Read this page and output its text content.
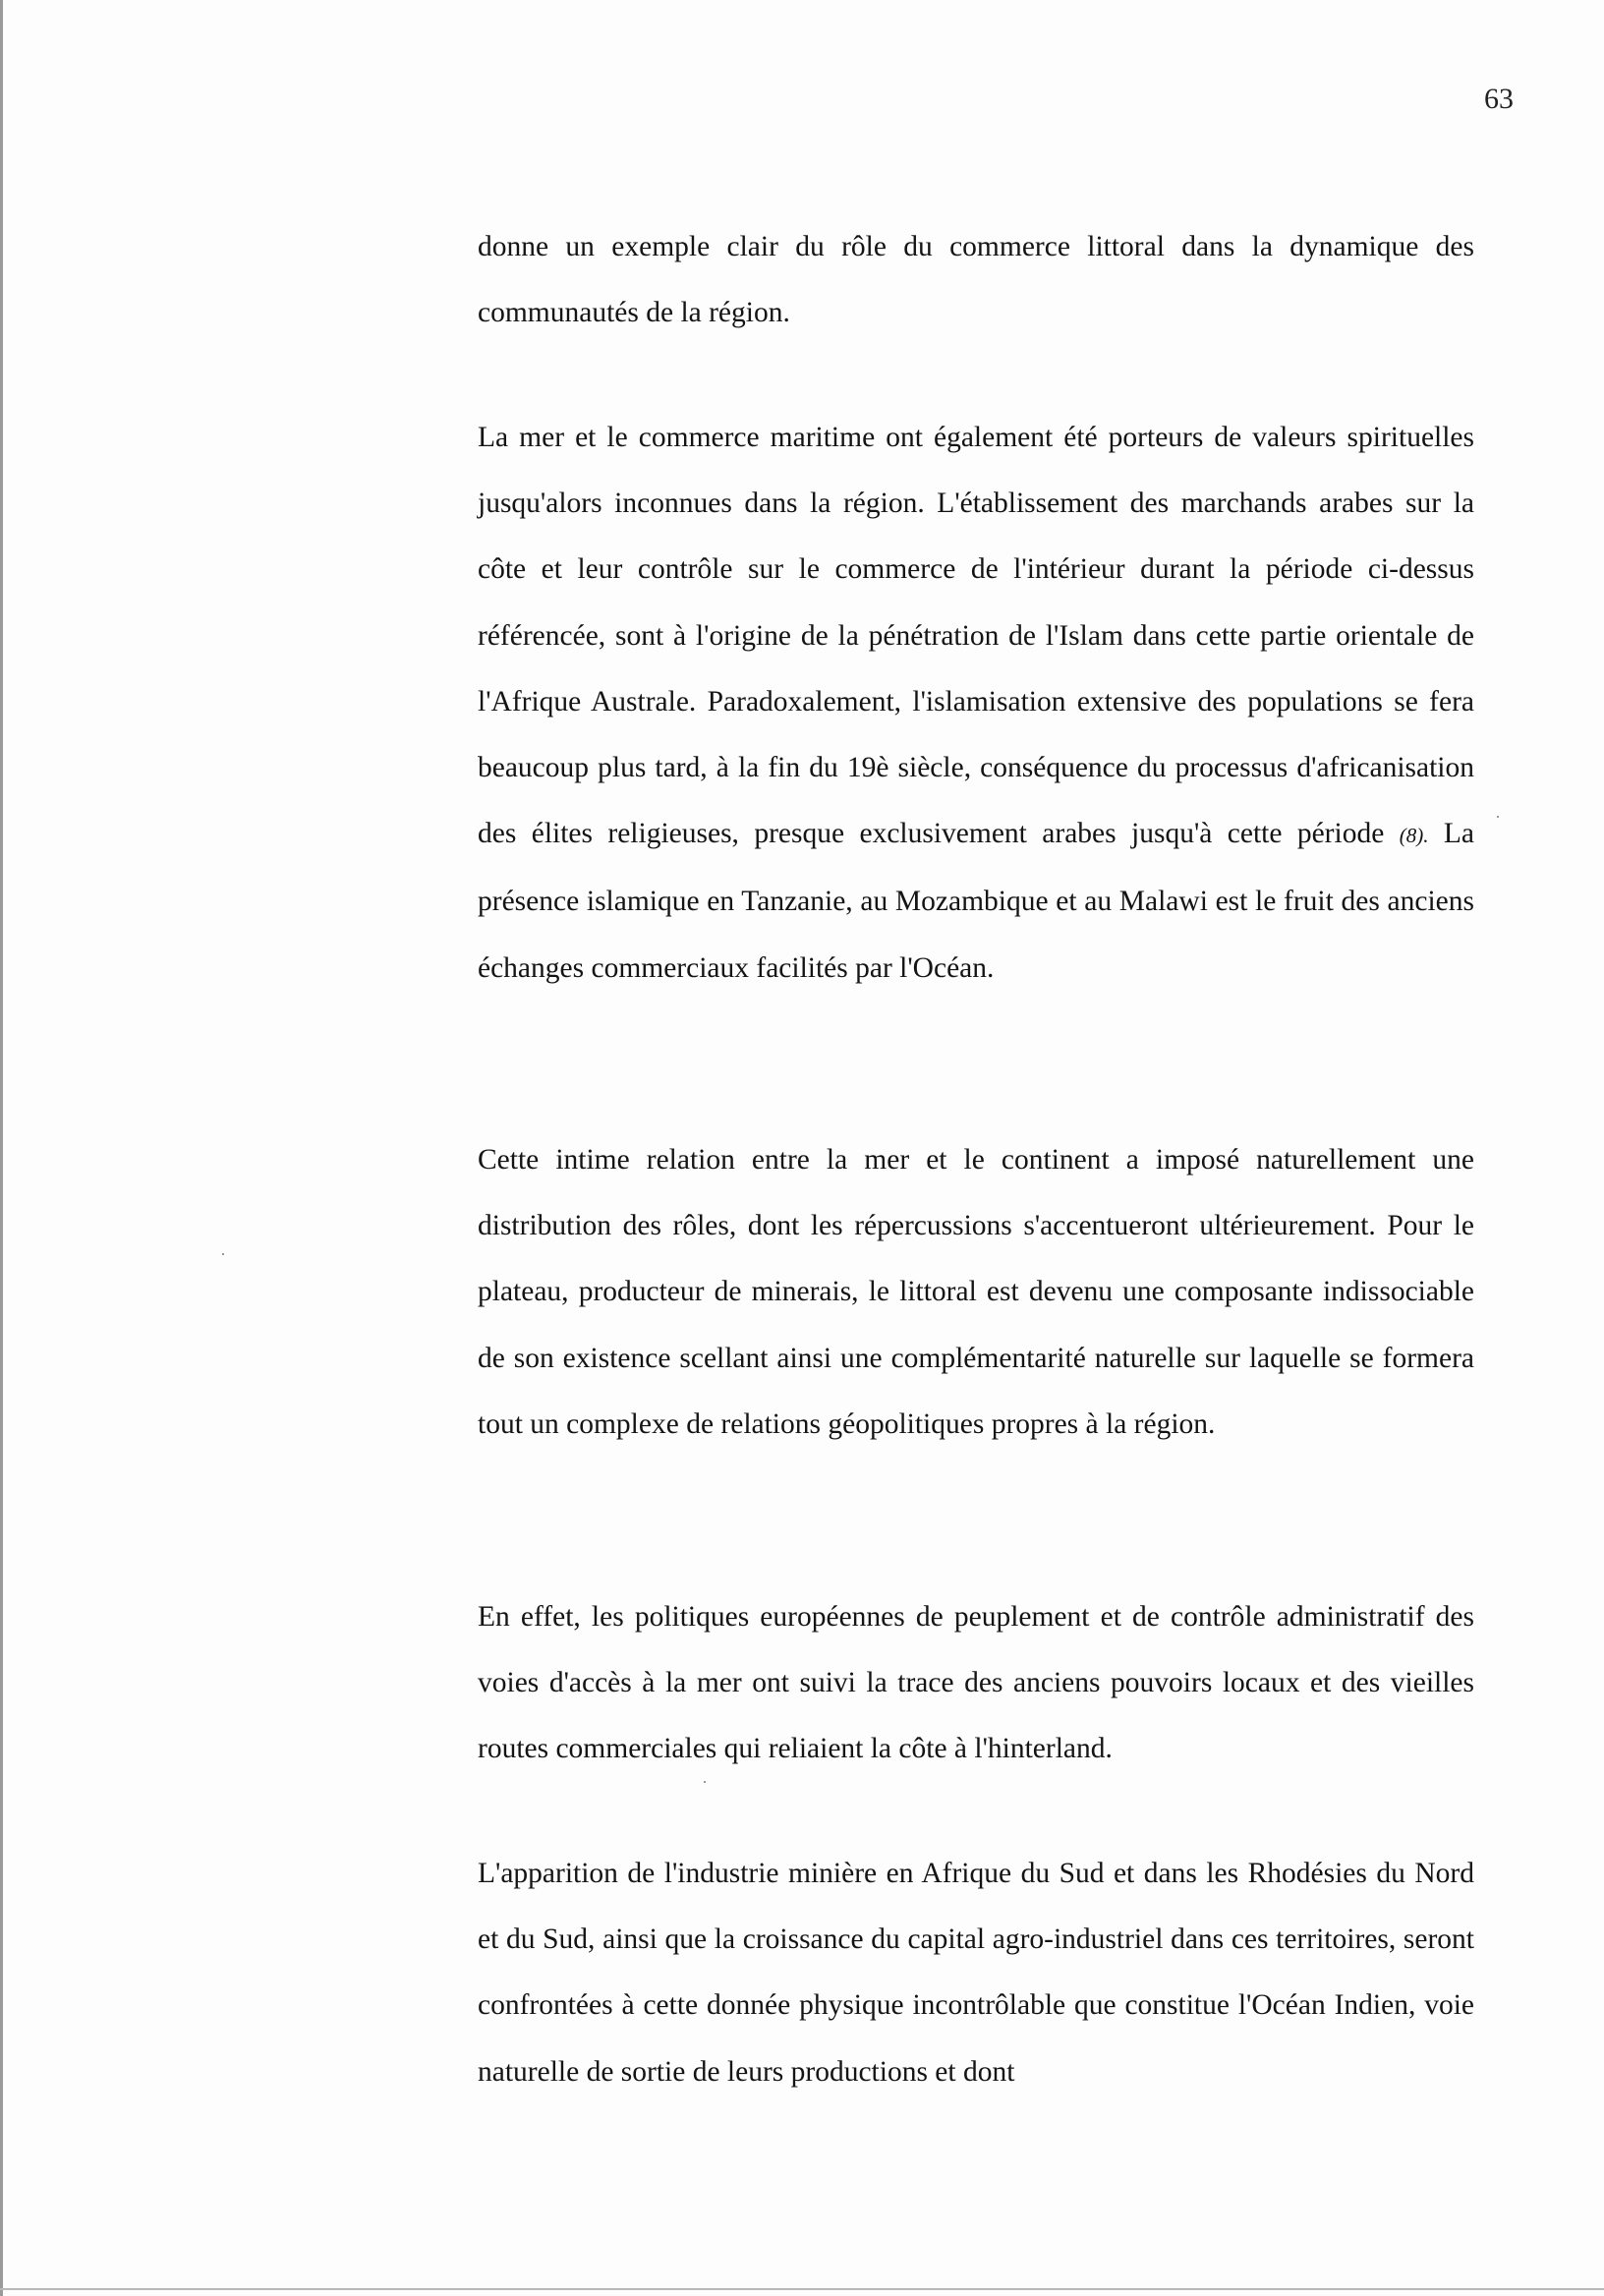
63

donne un exemple clair du rôle du commerce littoral dans la dynamique des communautés de la région.

La mer et le commerce maritime ont également été porteurs de valeurs spirituelles jusqu'alors inconnues dans la région. L'établissement des marchands arabes sur la côte et leur contrôle sur le commerce de l'intérieur durant la période ci-dessus référencée, sont à l'origine de la pénétration de l'Islam dans cette partie orientale de l'Afrique Australe. Paradoxalement, l'islamisation extensive des populations se fera beaucoup plus tard, à la fin du 19è siècle, conséquence du processus d'africanisation des élites religieuses, presque exclusivement arabes jusqu'à cette période (8). La présence islamique en Tanzanie, au Mozambique et au Malawi est le fruit des anciens échanges commerciaux facilités par l'Océan.

Cette intime relation entre la mer et le continent a imposé naturellement une distribution des rôles, dont les répercussions s'accentueront ultérieurement. Pour le plateau, producteur de minerais, le littoral est devenu une composante indissociable de son existence scellant ainsi une complémentarité naturelle sur laquelle se formera tout un complexe de relations géopolitiques propres à la région.

En effet, les politiques européennes de peuplement et de contrôle administratif des voies d'accès à la mer ont suivi la trace des anciens pouvoirs locaux et des vieilles routes commerciales qui reliaient la côte à l'hinterland.

L'apparition de l'industrie minière en Afrique du Sud et dans les Rhodésies du Nord et du Sud, ainsi que la croissance du capital agro-industriel dans ces territoires, seront confrontées à cette donnée physique incontrôlable que constitue l'Océan Indien, voie naturelle de sortie de leurs productions et dont
